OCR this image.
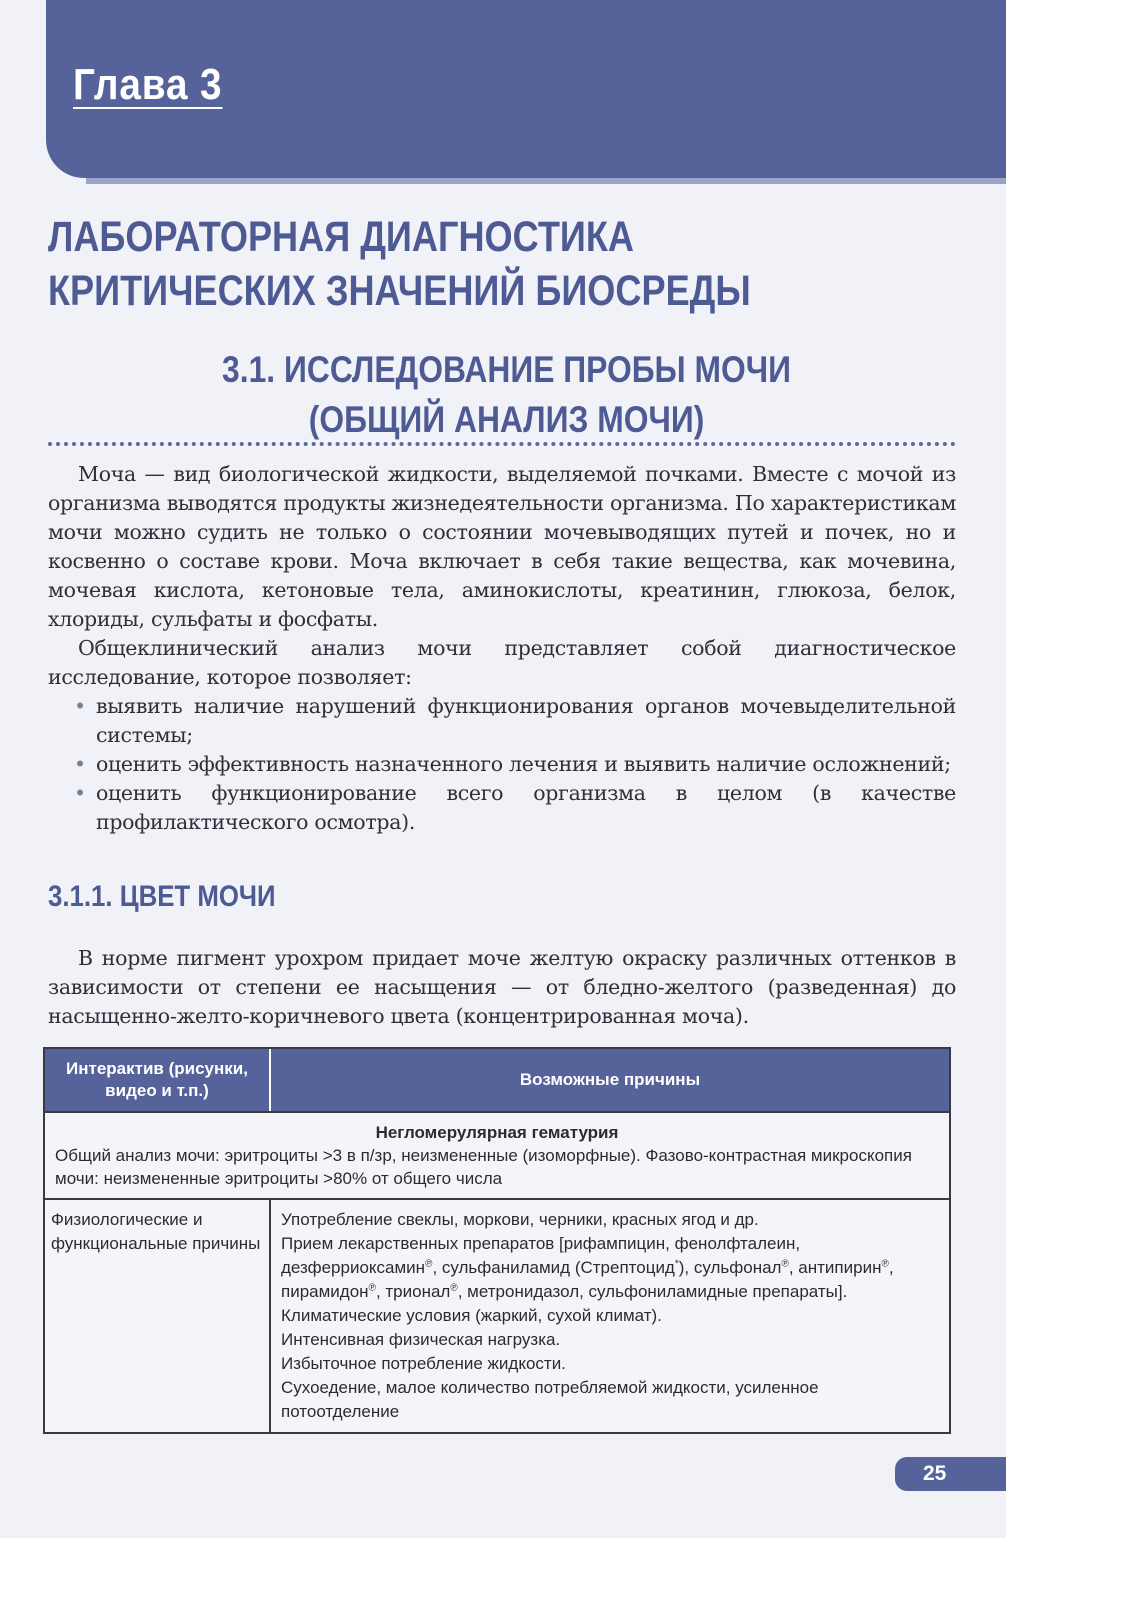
Глава 3
ЛАБОРАТОРНАЯ ДИАГНОСТИКА
КРИТИЧЕСКИХ ЗНАЧЕНИЙ БИОСРЕДЫ
3.1. ИССЛЕДОВАНИЕ ПРОБЫ МОЧИ
(ОБЩИЙ АНАЛИЗ МОЧИ)

Моча — вид биологической жидкости, выделяемой почками. Вместе с мочой из организма выводятся продукты жизнедеятельности организма. По характеристикам мочи можно судить не только о состоянии мочевыводящих путей и почек, но и косвенно о составе крови. Моча включает в себя такие вещества, как мочевина, мочевая кислота, кетоновые тела, аминокислоты, креатинин, глюкоза, белок, хлориды, сульфаты и фосфаты.

Общеклинический анализ мочи представляет собой диагностическое исследование, которое позволяет:

• выявить наличие нарушений функционирования органов мочевыделительной системы;
• оценить эффективность назначенного лечения и выявить наличие осложнений;
• оценить функционирование всего организма в целом (в качестве профилактического осмотра).
3.1.1. ЦВЕТ МОЧИ

В норме пигмент урохром придает моче желтую окраску различных оттенков в зависимости от степени ее насыщения — от бледно-желтого (разведенная) до насыщенно-желто-коричневого цвета (концентрированная моча).

Интерактив (рисунки, видео и т.п.)
Возможные причины
Негломерулярная гематурия
Общий анализ мочи: эритроциты >3 в п/зр, неизмененные (изоморфные). Фазово-контрастная микроскопия мочи: неизмененные эритроциты >80% от общего числа
Физиологические и функциональные причины
Употребление свеклы, моркови, черники, красных ягод и др.
Прием лекарственных препаратов [рифампицин, фенолфталеин, дезферриоксамин℗, сульфаниламид (Стрептоцид*), сульфонал℗, антипирин℗, пирамидон℗, трионал℗, метронидазол, сульфониламидные препараты].
Климатические условия (жаркий, сухой климат).
Интенсивная физическая нагрузка.
Избыточное потребление жидкости.
Сухоедение, малое количество потребляемой жидкости, усиленное потоотделение
25
